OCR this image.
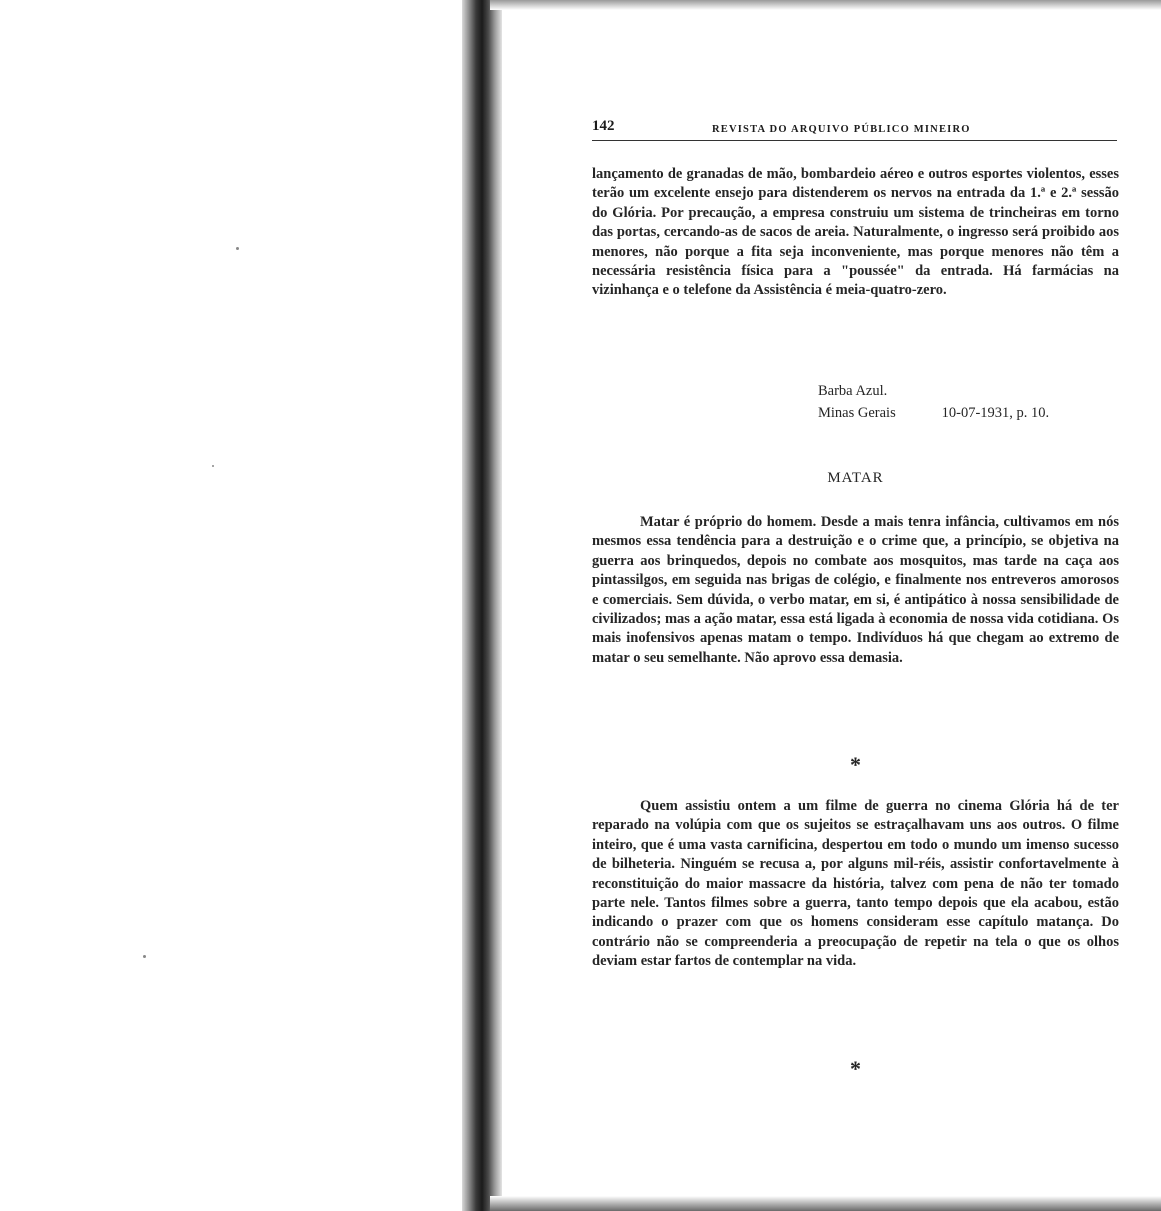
142	REVISTA DO ARQUIVO PÚBLICO MINEIRO

lançamento de granadas de mão, bombardeio aéreo e outros esportes violentos, esses terão um excelente ensejo para distenderem os nervos na entrada da 1.ª e 2.ª sessão do Glória. Por precaução, a empresa construiu um sistema de trincheiras em torno das portas, cercando-as de sacos de areia. Naturalmente, o ingresso será proibido aos menores, não porque a fita seja inconveniente, mas porque menores não têm a necessária resistência física para a "poussée" da entrada. Há farmácias na vizinhança e o telefone da Assistência é meia-quatro-zero.

Barba Azul.
Minas Gerais	10-07-1931, p. 10.
MATAR

Matar é próprio do homem. Desde a mais tenra infância, cultivamos em nós mesmos essa tendência para a destruição e o crime que, a princípio, se objetiva na guerra aos brinquedos, depois no combate aos mosquitos, mas tarde na caça aos pintassilgos, em seguida nas brigas de colégio, e finalmente nos entreveros amorosos e comerciais. Sem dúvida, o verbo matar, em si, é antipático à nossa sensibilidade de civilizados; mas a ação matar, essa está ligada à economia de nossa vida cotidiana. Os mais inofensivos apenas matam o tempo. Indivíduos há que chegam ao extremo de matar o seu semelhante. Não aprovo essa demasia.

*

Quem assistiu ontem a um filme de guerra no cinema Glória há de ter reparado na volúpia com que os sujeitos se estraçalhavam uns aos outros. O filme inteiro, que é uma vasta carnificina, despertou em todo o mundo um imenso sucesso de bilheteria. Ninguém se recusa a, por alguns mil-réis, assistir confortavelmente à reconstituição do maior massacre da história, talvez com pena de não ter tomado parte nele. Tantos filmes sobre a guerra, tanto tempo depois que ela acabou, estão indicando o prazer com que os homens consideram esse capítulo matança. Do contrário não se compreenderia a preocupação de repetir na tela o que os olhos deviam estar fartos de contemplar na vida.

*
